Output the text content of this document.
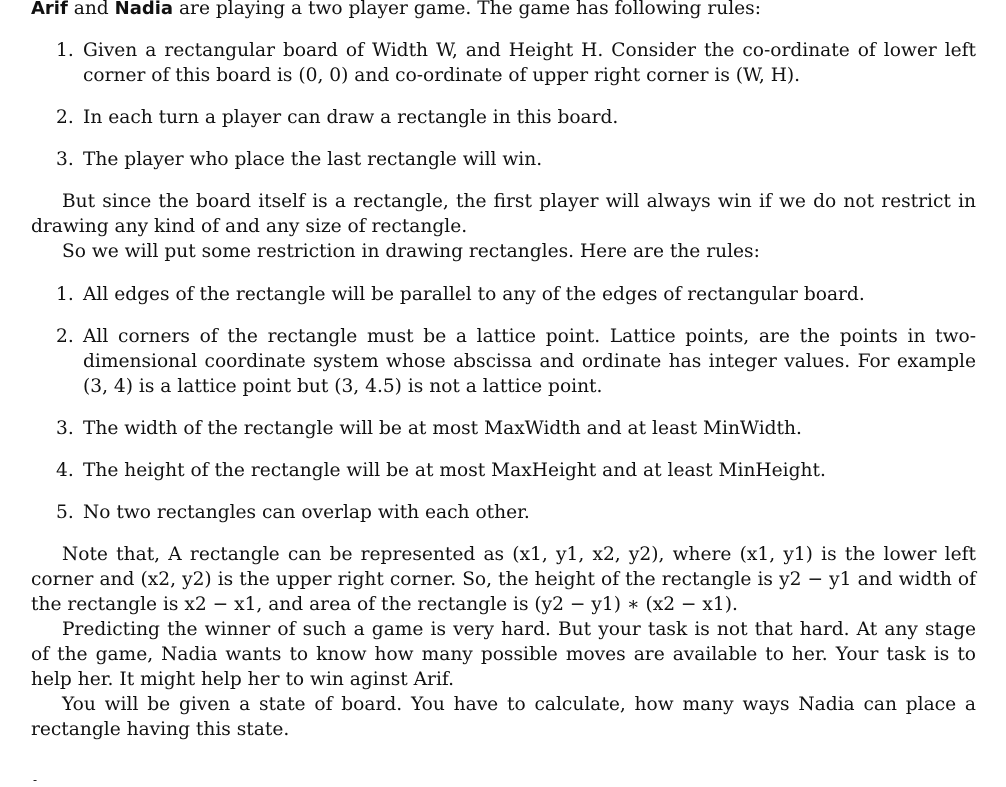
Arif and Nadia are playing a two player game. The game has following rules:

1. Given a rectangular board of Width W, and Height H. Consider the co-ordinate of lower left corner of this board is (0, 0) and co-ordinate of upper right corner is (W, H).
2. In each turn a player can draw a rectangle in this board.
3. The player who place the last rectangle will win.

But since the board itself is a rectangle, the first player will always win if we do not restrict in drawing any kind of and any size of rectangle.

So we will put some restriction in drawing rectangles. Here are the rules:

1. All edges of the rectangle will be parallel to any of the edges of rectangular board.
2. All corners of the rectangle must be a lattice point. Lattice points, are the points in two-dimensional coordinate system whose abscissa and ordinate has integer values. For example (3, 4) is a lattice point but (3, 4.5) is not a lattice point.
3. The width of the rectangle will be at most MaxWidth and at least MinWidth.
4. The height of the rectangle will be at most MaxHeight and at least MinHeight.
5. No two rectangles can overlap with each other.

Note that, A rectangle can be represented as (x1, y1, x2, y2), where (x1, y1) is the lower left corner and (x2, y2) is the upper right corner. So, the height of the rectangle is y2 − y1 and width of the rectangle is x2 − x1, and area of the rectangle is (y2 − y1) ∗ (x2 − x1).

Predicting the winner of such a game is very hard. But your task is not that hard. At any stage of the game, Nadia wants to know how many possible moves are available to her. Your task is to help her. It might help her to win aginst Arif.

You will be given a state of board. You have to calculate, how many ways Nadia can place a rectangle having this state.

-
